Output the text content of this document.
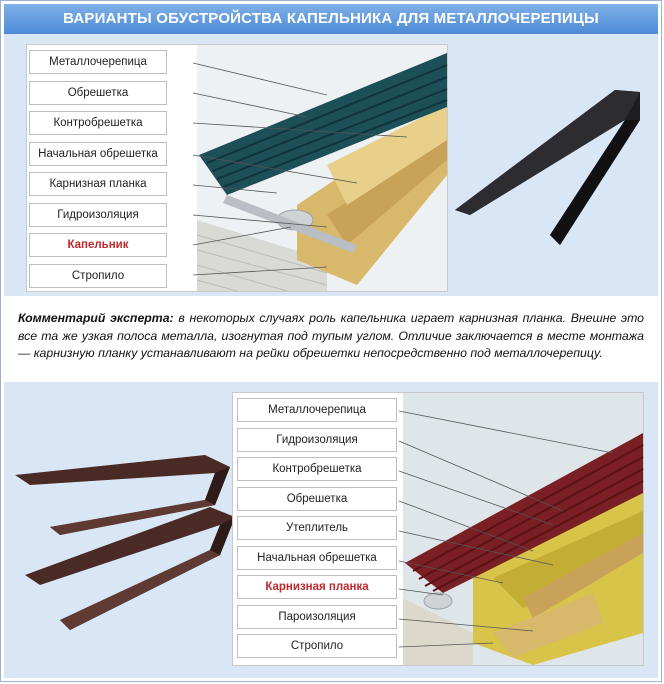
ВАРИАНТЫ ОБУСТРОЙСТВА КАПЕЛЬНИКА ДЛЯ МЕТАЛЛОЧЕРЕПИЦЫ
Металлочерепица
Обрешетка
Контробрешетка
Начальная обрешетка
Карнизная планка
Гидроизоляция
Капельник
Стропило
Комментарий эксперта: в некоторых случаях роль капельника играет карнизная планка. Внешне это все та же узкая полоса металла, изогнутая под тупым углом. Отличие заключается в месте монтажа — карнизную планку устанавливают на рейки обрешетки непосредственно под металлочерепицу.
Металлочерепица
Гидроизоляция
Контробрешетка
Обрешетка
Утеплитель
Начальная обрешетка
Карнизная планка
Пароизоляция
Стропило
